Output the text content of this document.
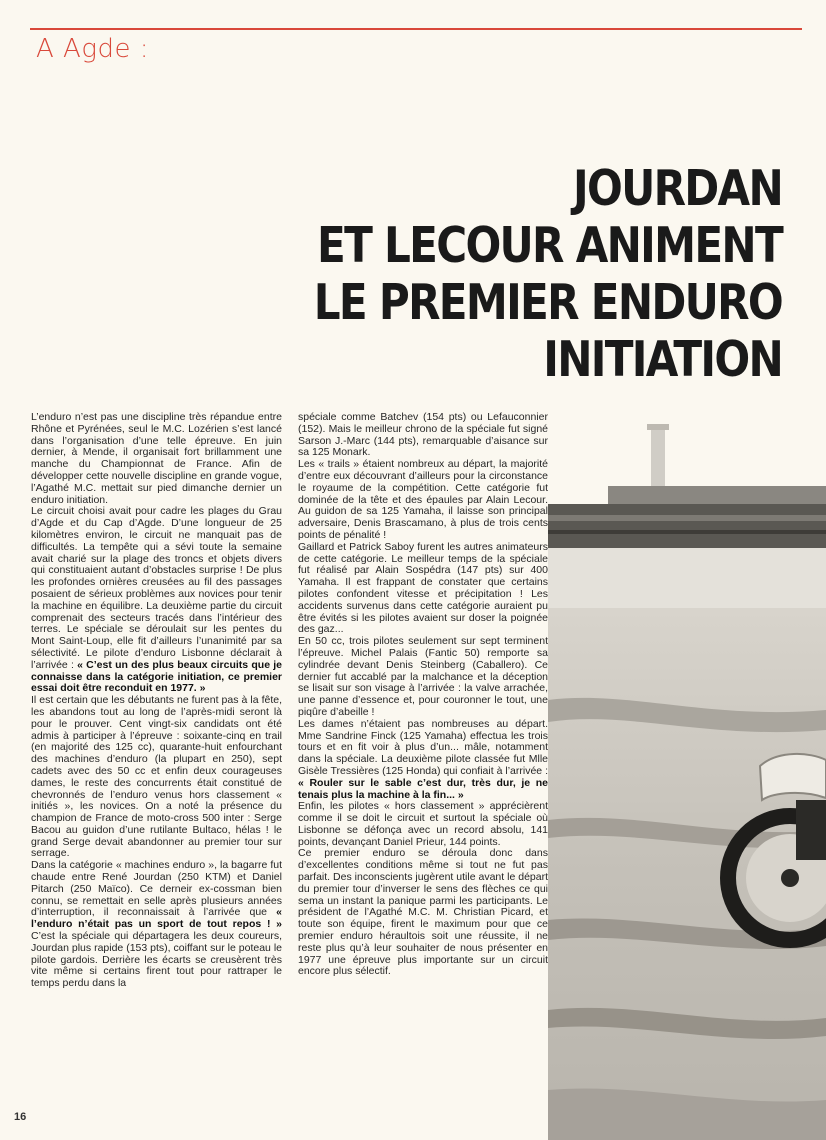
A Agde :
JOURDAN
ET LECOUR ANIMENT
LE PREMIER ENDURO
INITIATION

L’enduro n’est pas une discipline très répandue entre Rhône et Pyrénées, seul le M.C. Lozérien s’est lancé dans l’organisation d’une telle épreuve. En juin dernier, à Mende, il organisait fort brillamment une manche du Championnat de France. Afin de développer cette nouvelle discipline en grande vogue, l’Agathé M.C. mettait sur pied dimanche dernier un enduro initiation.

Le circuit choisi avait pour cadre les plages du Grau d’Agde et du Cap d’Agde. D’une longueur de 25 kilomètres environ, le circuit ne manquait pas de difficultés. La tempête qui a sévi toute la semaine avait charié sur la plage des troncs et objets divers qui constituaient autant d’obstacles surprise ! De plus les profondes ornières creusées au fil des passages posaient de sérieux problèmes aux novices pour tenir la machine en équilibre. La deuxième partie du circuit comprenait des secteurs tracés dans l’intérieur des terres. Le spéciale se déroulait sur les pentes du Mont Saint-Loup, elle fit d’ailleurs l’unanimité par sa sélectivité. Le pilote d’enduro Lisbonne déclarait à l’arrivée : « C’est un des plus beaux circuits que je connaisse dans la catégorie initiation, ce premier essai doit être reconduit en 1977. »

Il est certain que les débutants ne furent pas à la fête, les abandons tout au long de l’après-midi seront là pour le prouver. Cent vingt-six candidats ont été admis à participer à l’épreuve : soixante-cinq en trail (en majorité des 125 cc), quarante-huit enfourchant des machines d’enduro (la plupart en 250), sept cadets avec des 50 cc et enfin deux courageuses dames, le reste des concurrents était constitué de chevronnés de l’enduro venus hors classement « initiés », les novices. On a noté la présence du champion de France de moto-cross 500 inter : Serge Bacou au guidon d’une rutilante Bultaco, hélas ! le grand Serge devait abandonner au premier tour sur serrage.

Dans la catégorie « machines enduro », la bagarre fut chaude entre René Jourdan (250 KTM) et Daniel Pitarch (250 Maïco). Ce derneir ex-cossman bien connu, se remettait en selle après plusieurs années d’interruption, il reconnaissait à l’arrivée que « l’enduro n’était pas un sport de tout repos ! » C’est la spéciale qui départagera les deux coureurs, Jourdan plus rapide (153 pts), coiffant sur le poteau le pilote gardois. Derrière les écarts se creusèrent très vite même si certains firent tout pour rattraper le temps perdu dans la

spéciale comme Batchev (154 pts) ou Lefauconnier (152). Mais le meilleur chrono de la spéciale fut signé Sarson J.-Marc (144 pts), remarquable d’aisance sur sa 125 Monark.

Les « trails » étaient nombreux au départ, la majorité d’entre eux découvrant d’ailleurs pour la circonstance le royaume de la compétition. Cette catégorie fut dominée de la tête et des épaules par Alain Lecour. Au guidon de sa 125 Yamaha, il laisse son principal adversaire, Denis Brascamano, à plus de trois cents points de pénalité !

Gaillard et Patrick Saboy furent les autres animateurs de cette catégorie. Le meilleur temps de la spéciale fut réalisé par Alain Sospédra (147 pts) sur 400 Yamaha. Il est frappant de constater que certains pilotes confondent vitesse et précipitation ! Les accidents survenus dans cette catégorie auraient pu être évités si les pilotes avaient sur doser la poignée des gaz...

En 50 cc, trois pilotes seulement sur sept terminent l’épreuve. Michel Palais (Fantic 50) remporte sa cylindrée devant Denis Steinberg (Caballero). Ce dernier fut accablé par la malchance et la déception se lisait sur son visage à l’arrivée : la valve arrachée, une panne d’essence et, pour couronner le tout, une piqûre d’abeille !

Les dames n’étaient pas nombreuses au départ. Mme Sandrine Finck (125 Yamaha) effectua les trois tours et en fit voir à plus d’un... mâle, notamment dans la spéciale. La deuxième pilote classée fut Mlle Gisèle Tressières (125 Honda) qui confiait à l’arrivée : « Rouler sur le sable c’est dur, très dur, je ne tenais plus la machine à la fin... »

Enfin, les pilotes « hors classement » apprécièrent comme il se doit le circuit et surtout la spéciale où Lisbonne se défonça avec un record absolu, 141 points, devançant Daniel Prieur, 144 points.

Ce premier enduro se déroula donc dans d’excellentes conditions même si tout ne fut pas parfait. Des inconscients jugèrent utile avant le départ du premier tour d’inverser le sens des flèches ce qui sema un instant la panique parmi les participants. Le président de l’Agathé M.C. M. Christian Picard, et toute son équipe, firent le maximum pour que ce premier enduro héraultois soit une réussite, il ne reste plus qu’à leur souhaiter de nous présenter en 1977 une épreuve plus importante sur un circuit encore plus sélectif.

16
